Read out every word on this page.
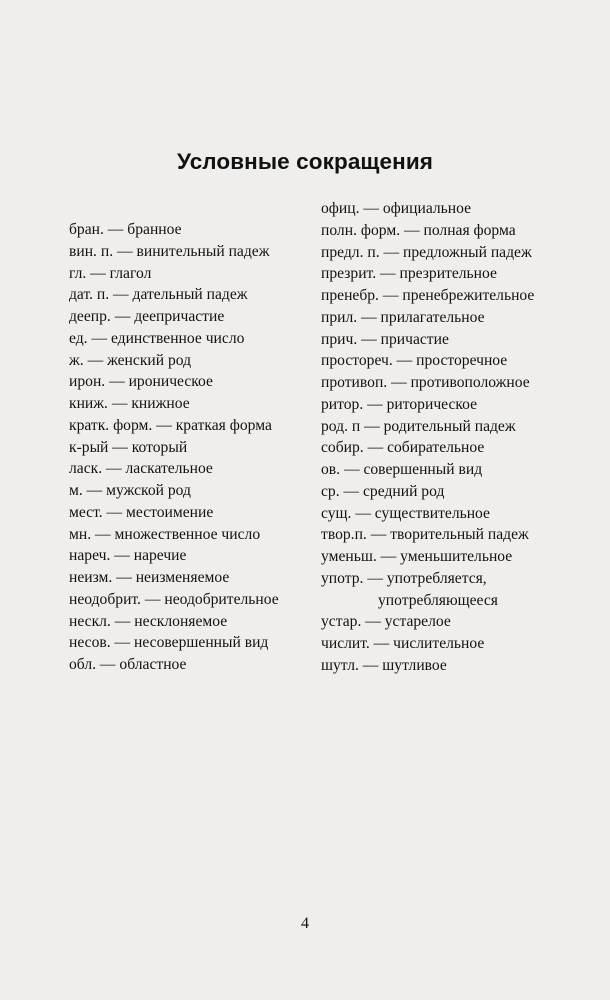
Условные сокращения
бран. — бранное
вин. п. — винительный падеж
гл. — глагол
дат. п. — дательный падеж
деепр. — деепричастие
ед. — единственное число
ж. — женский род
ирон. — ироническое
книж. — книжное
кратк. форм. — краткая форма
к-рый — который
ласк. — ласкательное
м. — мужской род
мест. — местоимение
мн. — множественное число
нареч. — наречие
неизм. — неизменяемое
неодобрит. — неодобрительное
нескл. — несклоняемое
несов. — несовершенный вид
обл. — областное
офиц. — официальное
полн. форм. — полная форма
предл. п. — предложный падеж
презрит. — презрительное
пренебр. — пренебрежительное
прил. — прилагательное
прич. — причастие
простореч. — просторечное
противоп. — противоположное
ритор. — риторическое
род. п — родительный падеж
собир. — собирательное
ов. — совершенный вид
ср. — средний род
сущ. — существительное
твор.п. — творительный падеж
уменьш. — уменьшительное
употр. — употребляется,
употребляющееся
устар. — устарелое
числит. — числительное
шутл. — шутливое
4
